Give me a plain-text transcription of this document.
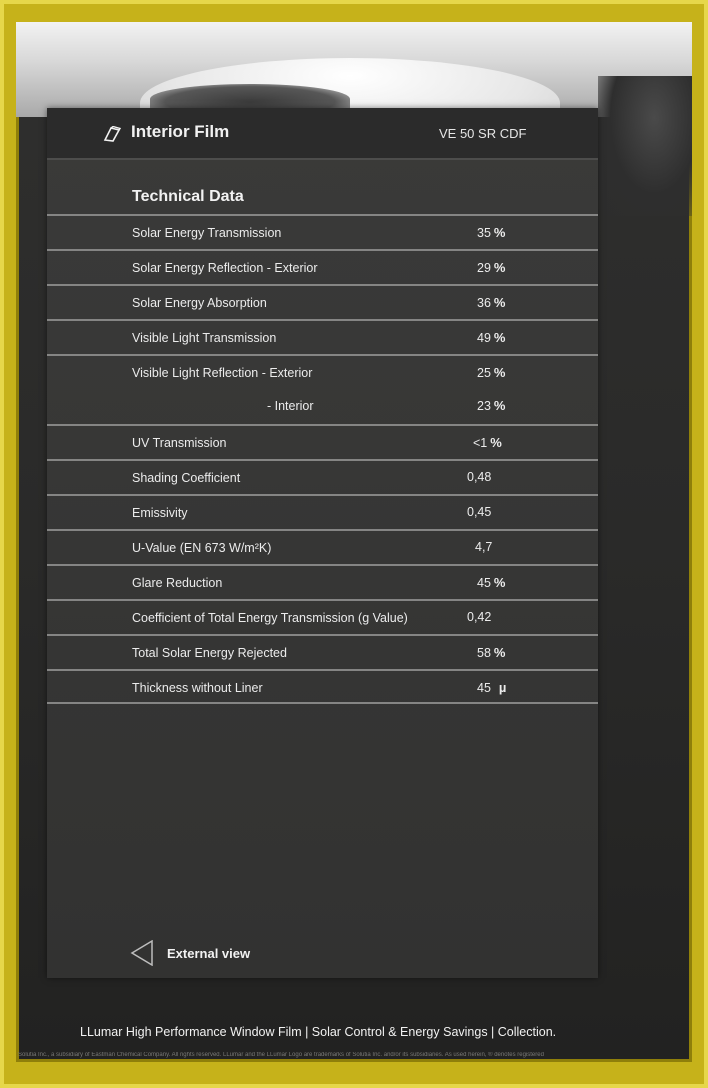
Interior Film	VE 50 SR CDF
Technical Data
Solar Energy Transmission	35 %
Solar Energy Reflection - Exterior	29 %
Solar Energy Absorption	36 %
Visible Light Transmission	49 %
Visible Light Reflection - Exterior	25 %
- Interior	23 %
UV Transmission	<1 %
Shading Coefficient	0,48
Emissivity	0,45
U-Value (EN 673 W/m²K)	4,7
Glare Reduction	45 %
Coefficient of Total Energy Transmission (g Value)	0,42
Total Solar Energy Rejected	58 %
Thickness without Liner	45 µ
External view
LLumar High Performance Window Film | Solar Control & Energy Savings | Collection.
Solutia Inc., a subsidiary of Eastman Chemical Company. All rights reserved. LLumar and the LLumar Logo are trademarks of Solutia Inc. and/or its subsidiaries. As used herein, ® denotes registered
